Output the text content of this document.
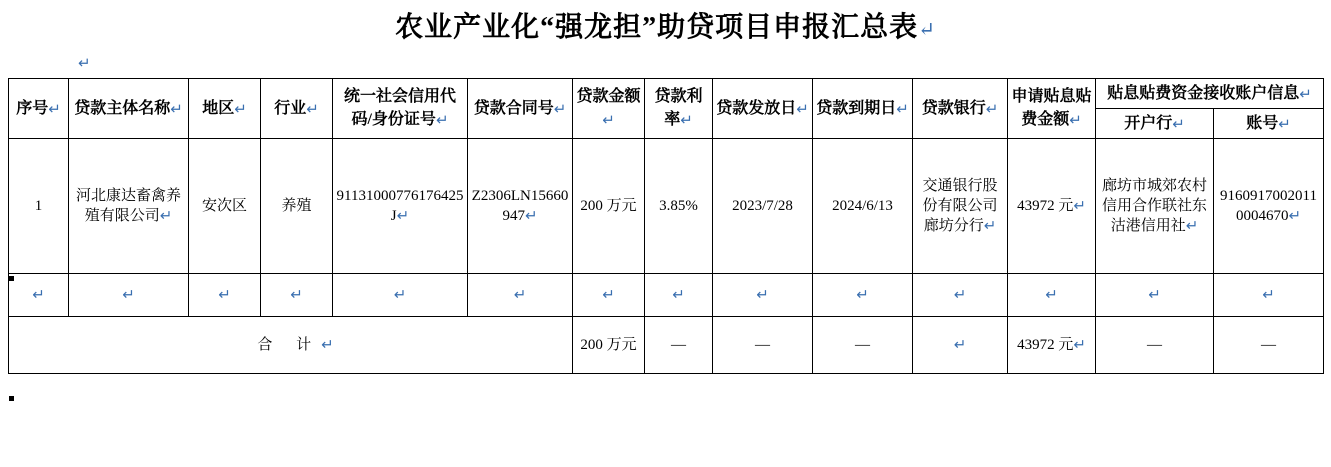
农业产业化“强龙担”助贷项目申报汇总表↵
↵
序号↵	贷款主体名称↵	地区↵	行业↵	统一社会信用代码/身份证号↵	贷款合同号↵	贷款金额↵	贷款利率↵	贷款发放日↵	贷款到期日↵	贷款银行↵	申请贴息贴费金额↵	贴息贴费资金接收账户信息↵	
												开户行↵	账号↵
1	河北康达畜禽养殖有限公司↵	安次区	养殖	91131000776176425J↵	Z2306LN15660947↵	200 万元	3.85%	2023/7/28	2024/6/13	交通银行股份有限公司廊坊分行↵	43972 元↵	廊坊市城郊农村信用合作联社东沽港信用社↵	91609170020110004670↵
↵	↵	↵	↵	↵	↵	↵	↵	↵	↵	↵	↵	↵	↵
合 计↵						200 万元	—	—	—	↵	43972 元↵	—	—
